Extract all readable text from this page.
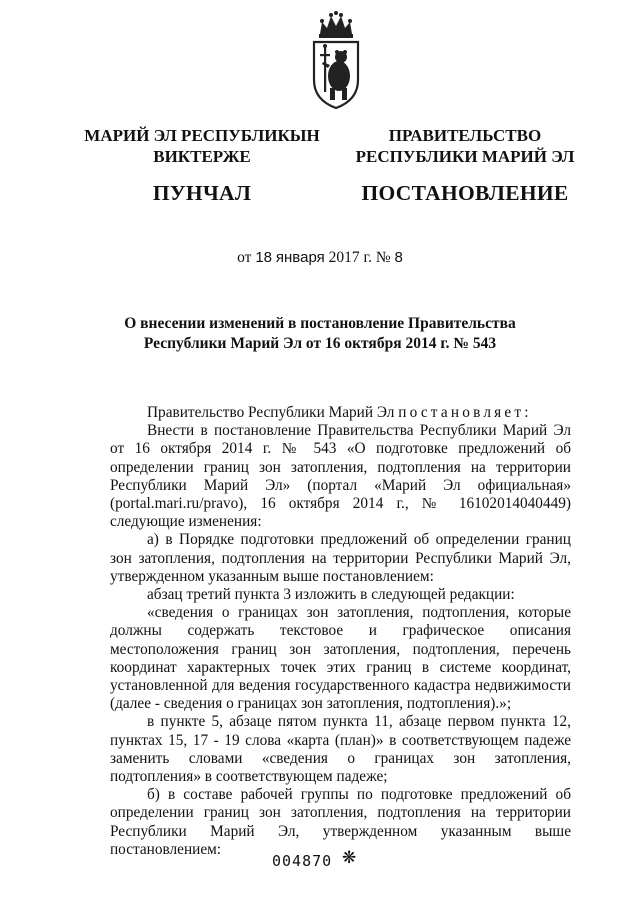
МАРИЙ ЭЛ РЕСПУБЛИКЫН
ВИКТЕРЖЕ
ПУНЧАЛ
ПРАВИТЕЛЬСТВО
РЕСПУБЛИКИ МАРИЙ ЭЛ
ПОСТАНОВЛЕНИЕ
от 18 января 2017 г. № 8
О внесении изменений в постановление Правительства
Республики Марий Эл от 16 октября 2014 г. № 543

Правительство Республики Марий Эл постановляет:

Внести в постановление Правительства Республики Марий Эл от 16 октября 2014 г. № 543 «О подготовке предложений об определении границ зон затопления, подтопления на территории Республики Марий Эл» (портал «Марий Эл официальная» (portal.mari.ru/pravo), 16 октября 2014 г., № 16102014040449) следующие изменения:

а) в Порядке подготовки предложений об определении границ зон затопления, подтопления на территории Республики Марий Эл, утвержденном указанным выше постановлением:

абзац третий пункта 3 изложить в следующей редакции:

«сведения о границах зон затопления, подтопления, которые должны содержать текстовое и графическое описания местоположения границ зон затопления, подтопления, перечень координат характерных точек этих границ в системе координат, установленной для ведения государственного кадастра недвижимости (далее - сведения о границах зон затопления, подтопления).»;

в пункте 5, абзаце пятом пункта 11, абзаце первом пункта 12, пунктах 15, 17 - 19 слова «карта (план)» в соответствующем падеже заменить словами «сведения о границах зон затопления, подтопления» в соответствующем падеже;

б) в составе рабочей группы по подготовке предложений об определении границ зон затопления, подтопления на территории Республики Марий Эл, утвержденном указанным выше постановлением:

004870 ❋
